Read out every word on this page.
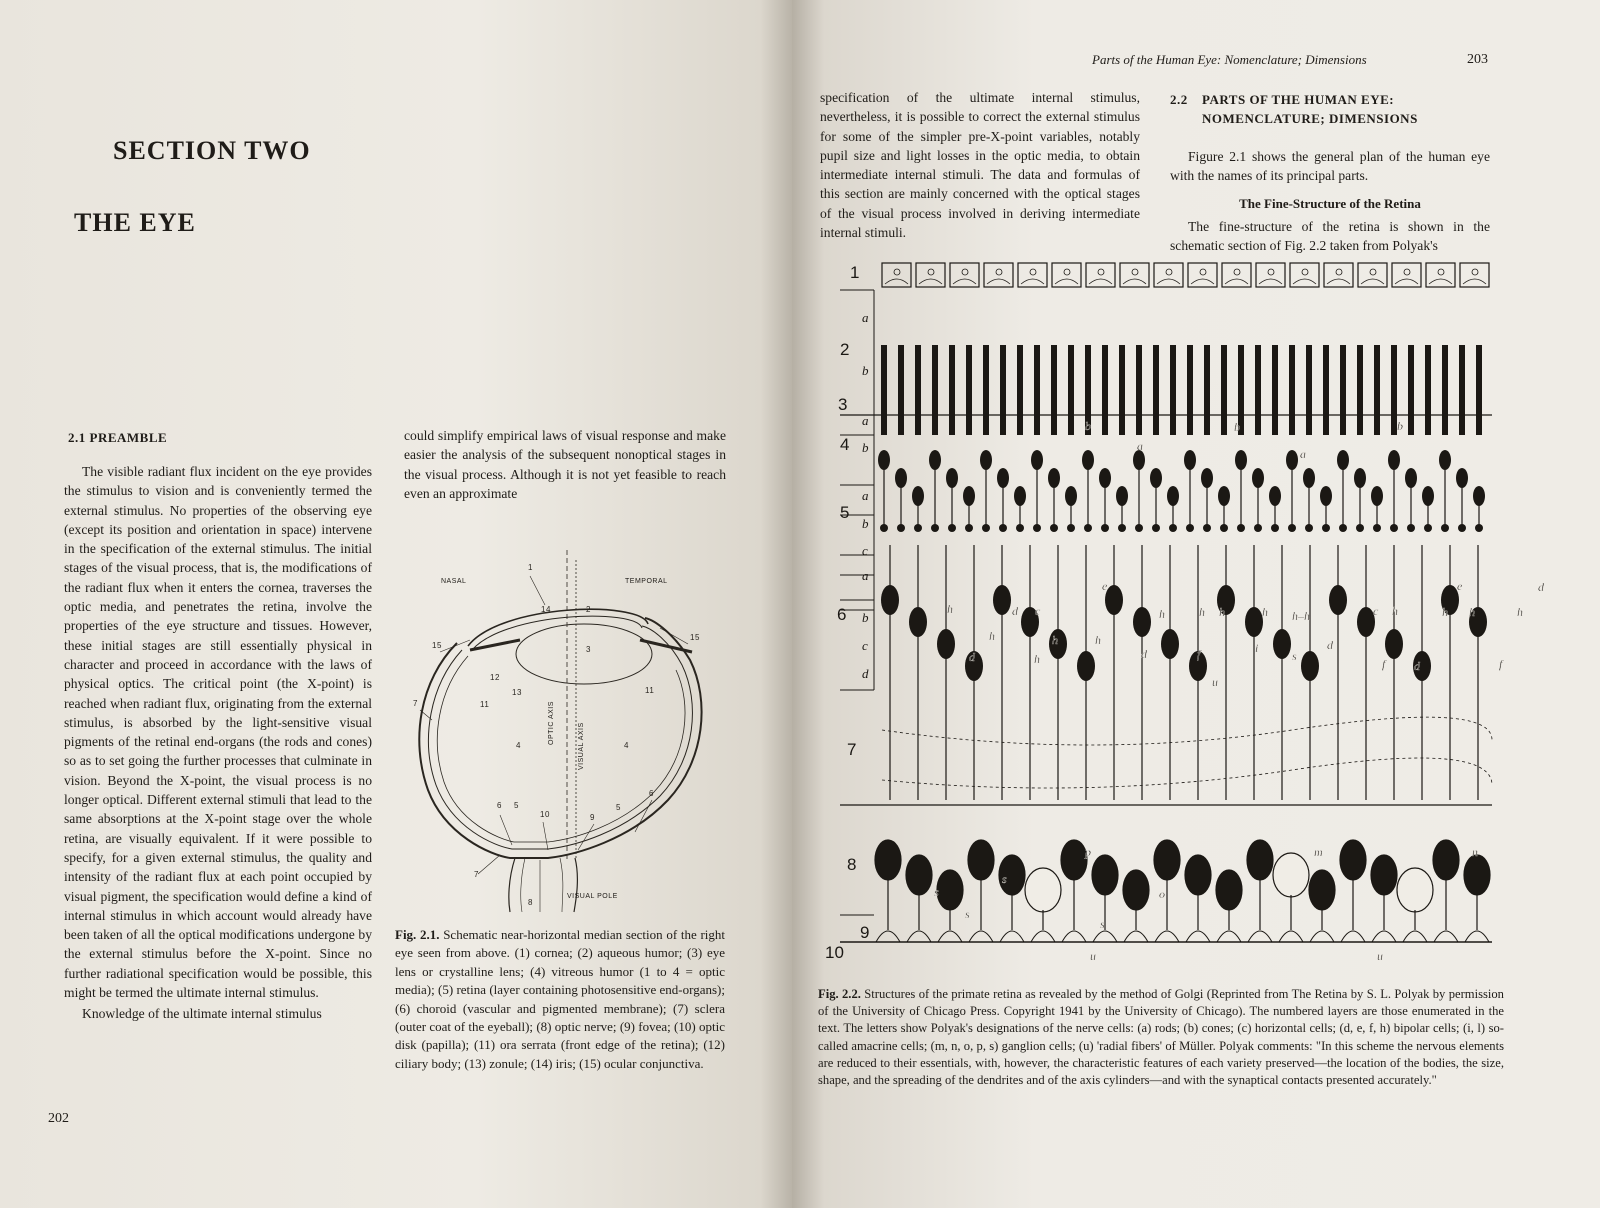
SECTION TWO
THE EYE
2.1 PREAMBLE

The visible radiant flux incident on the eye provides the stimulus to vision and is conveniently termed the external stimulus. No properties of the observing eye (except its position and orientation in space) intervene in the specification of the external stimulus. The initial stages of the visual process, that is, the modifications of the radiant flux when it enters the cornea, traverses the optic media, and penetrates the retina, involve the properties of the eye structure and tissues. However, these initial stages are still essentially physical in character and proceed in accordance with the laws of physical optics. The critical point (the X-point) is reached when radiant flux, originating from the external stimulus, is absorbed by the light-sensitive visual pigments of the retinal end-organs (the rods and cones) so as to set going the further processes that culminate in vision. Beyond the X-point, the visual process is no longer optical. Different external stimuli that lead to the same absorptions at the X-point stage over the whole retina, are visually equivalent. If it were possible to specify, for a given external stimulus, the quality and intensity of the radiant flux at each point occupied by visual pigment, the specification would define a kind of internal stimulus in which account would already have been taken of all the optical modifications undergone by the external stimulus before the X-point. Since no further radiational specification would be possible, this might be termed the ultimate internal stimulus.

Knowledge of the ultimate internal stimulus

could simplify empirical laws of visual response and make easier the analysis of the subsequent nonoptical stages in the visual process. Although it is not yet feasible to reach even an approximate

1
14	2
15
15
3
12
13
11
11
7
4	4
6 5
10	9
5
6
7
8
NASAL	TEMPORAL
OPTIC AXIS	VISUAL AXIS
VISUAL POLE
Fig. 2.1. Schematic near-horizontal median section of the right eye seen from above. (1) cornea; (2) aqueous humor; (3) eye lens or crystalline lens; (4) vitreous humor (1 to 4 = optic media); (5) retina (layer containing photosensitive end-organs); (6) choroid (vascular and pigmented membrane); (7) sclera (outer coat of the eyeball); (8) optic nerve; (9) fovea; (10) optic disk (papilla); (11) ora serrata (front edge of the retina); (12) ciliary body; (13) zonule; (14) iris; (15) ocular conjunctiva.
202
Parts of the Human Eye: Nomenclature; Dimensions	203

specification of the ultimate internal stimulus, nevertheless, it is possible to correct the external stimulus for some of the simpler pre-X-point variables, notably pupil size and light losses in the optic media, to obtain intermediate internal stimuli. The data and formulas of this section are mainly concerned with the optical stages of the visual process involved in deriving intermediate internal stimuli.

2.2 PARTS OF THE HUMAN EYE:
NOMENCLATURE; DIMENSIONS

Figure 2.1 shows the general plan of the human eye with the names of its principal parts.

The Fine-Structure of the Retina

The fine-structure of the retina is shown in the schematic section of Fig. 2.2 taken from Polyak's

1
2
3
4
5
6
7
8
9
10
a
b
a
b
a
b
c
a
b
c
d
b
a
b
a
b
e	e	d
h	d c
h	h	h
h	h h	h h–h	c h	h h	h
d	h	d	f	i
s
d
f d	f
u
p	m	n
o
s
s
s
s
u	u
Fig. 2.2. Structures of the primate retina as revealed by the method of Golgi (Reprinted from The Retina by S. L. Polyak by permission of the University of Chicago Press. Copyright 1941 by the University of Chicago). The numbered layers are those enumerated in the text. The letters show Polyak's designations of the nerve cells: (a) rods; (b) cones; (c) horizontal cells; (d, e, f, h) bipolar cells; (i, l) so-called amacrine cells; (m, n, o, p, s) ganglion cells; (u) 'radial fibers' of Müller. Polyak comments: "In this scheme the nervous elements are reduced to their essentials, with, however, the characteristic features of each variety preserved—the location of the bodies, the size, shape, and the spreading of the dendrites and of the axis cylinders—and with the synaptical contacts presented accurately."
